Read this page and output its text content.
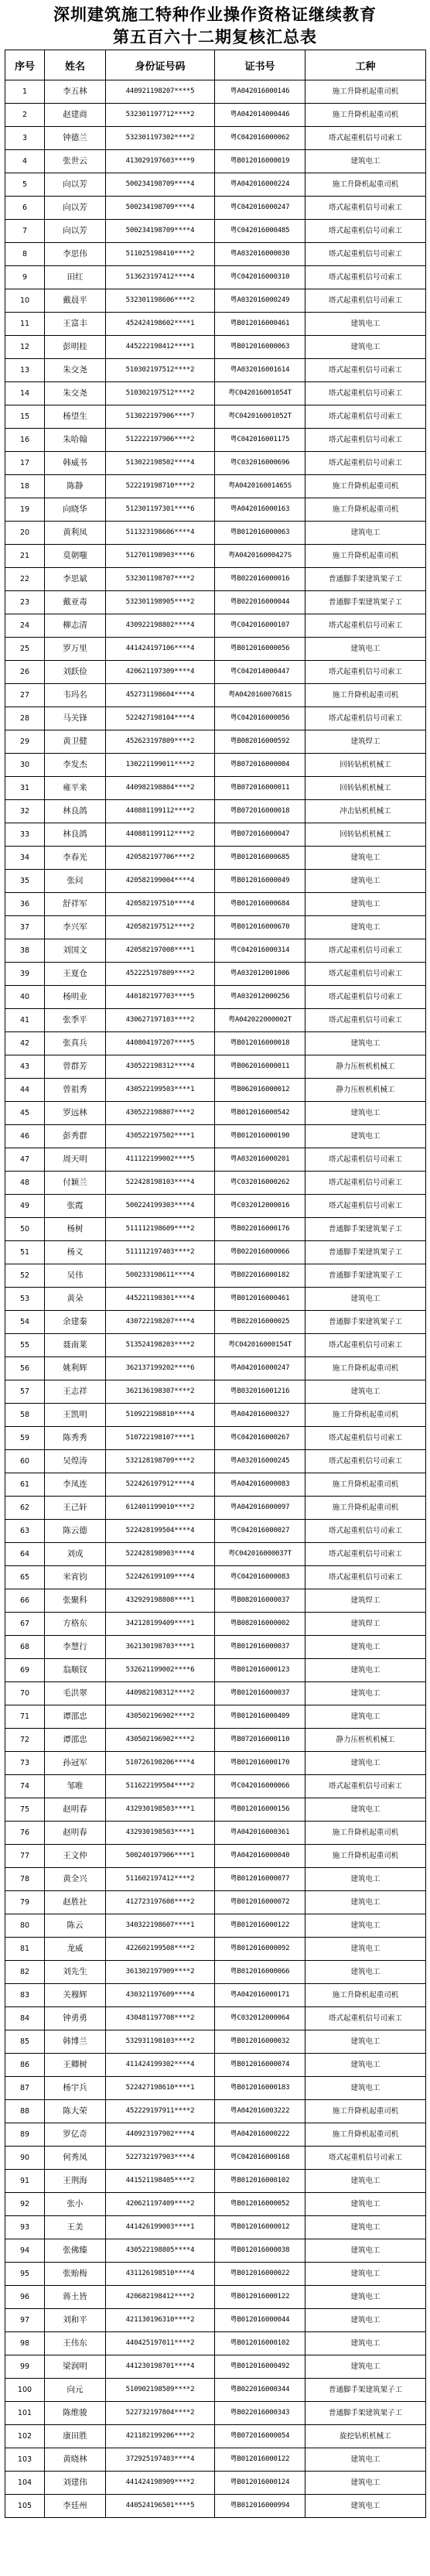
深圳建筑施工特种作业操作资格证继续教育
第五百六十二期复核汇总表
序号	姓名	身份证号码	证书号	工种
1	李五林	440921198207****5	粤A042016000146	施工升降机起重司机
2	赵建商	532301197712****2	粤A042014000446	施工升降机起重司机
3	钟德兰	532301197302****2	粤C042016000062	塔式起重机信号司索工
4	张世云	413029197603****9	粤B012016000019	建筑电工
5	向以芳	500234198709****4	粤A042016000224	施工升降机起重司机
6	向以芳	500234198709****4	粤C042016000247	塔式起重机信号司索工
7	向以芳	500234198709****4	粤C042016000485	塔式起重机信号司索工
8	李思伟	511025198410****2	粤A032016000030	塔式起重机信号司索工
9	田红	513623197412****4	粤C042016000310	塔式起重机信号司索工
10	戴晨平	532301198606****2	粤A032016000249	塔式起重机信号司索工
11	王富丰	452424198602****1	粤B012016000461	建筑电工
12	彭明桂	445222198412****1	粤B012016000063	建筑电工
13	朱交尧	510302197512****2	粤A032016001614	塔式起重机信号司索工
14	朱交尧	510302197512****2	粤C042016001054T	塔式起重机信号司索工
15	杨望生	513022197906****7	粤C042016001052T	塔式起重机信号司索工
16	朱哈翰	512222197906****2	粤C042016001175	塔式起重机信号司索工
17	韩威书	513022198502****4	粤C032016000696	塔式起重机信号司索工
18	陈静	522219198710****2	粤A042016001465S	施工升降机起重司机
19	向晓华	512301197301****6	粤A042016000163	施工升降机起重司机
20	黄利凤	511323198606****4	粤B012016000063	建筑电工
21	莫朝嗤	512701198903****6	粤A042016000427S	施工升降机起重司机
22	李思斌	532301198707****2	粤B022016000016	普通脚手架建筑架子工
23	戴亚毒	532301198905****2	粤B022016000044	普通脚手架建筑架子工
24	柳志清	430922198802****4	粤C042016000107	塔式起重机信号司索工
25	罗万里	441424197106****4	粤B012016000056	建筑电工
26	刘跃俭	420621197309****4	粤C042014000447	塔式起重机信号司索工
27	韦玛名	452731198604****4	粤A042016007681S	施工升降机起重司机
28	马关锋	522427198104****4	粤C042016000056	塔式起重机信号司索工
29	黄卫健	452623197809****2	粤B082016000592	建筑焊工
30	李发杰	130221199011****2	粤B072016000004	回转钻机机械工
31	雍平来	440982198804****2	粤B072016000011	回转钻机机械工
32	林良鸽	440881199112****2	粤B072016000018	冲击钻机机械工
33	林良鸽	440881199112****2	粤B072016000047	回转钻机机械工
34	李春光	420582197706****2	粤B012016000685	建筑电工
35	张问	420582199004****4	粤B012016000049	建筑电工
36	舒祥军	420582197510****4	粤B012016000684	建筑电工
37	李兴军	420582197512****2	粤B012016000670	建筑电工
38	刘国文	420582197008****1	粤C042016000314	塔式起重机信号司索工
39	王夏仓	452225197809****2	粤A032012001006	塔式起重机信号司索工
40	杨明业	440182197703****5	粤A032012000256	塔式起重机信号司索工
41	张季平	430627197103****2	粤A042022000002T	塔式起重机信号司索工
42	张真兵	440804197207****5	粤B012016000018	建筑电工
43	曾群芳	430522198312****4	粤B062016000011	静力压桩机机械工
44	曾祖秀	430522199503****1	粤B062016000012	静力压桩机机械工
45	罗远林	430522198807****2	粤B012016000542	建筑电工
46	彭秀群	430522197502****1	粤B012016000190	建筑电工
47	周天明	411122199002****5	粤A032016000201	塔式起重机信号司索工
48	付颖兰	522428198103****4	粤C032016000262	塔式起重机信号司索工
49	张霞	500224199303****4	粤C032012000016	塔式起重机信号司索工
50	杨树	511112198609****2	粤B022016000176	普通脚手架建筑架子工
51	杨义	511112197403****2	粤B022016000066	普通脚手架建筑架子工
52	吴伟	500233198611****4	粤B022016000182	普通脚手架建筑架子工
53	黄朵	445221198301****4	粤B012016000461	建筑电工
54	余建秦	430722198207****4	粤B022016000025	普通脚手架建筑架子工
55	聂南莱	513524198203****2	粤C042016000154T	塔式起重机信号司索工
56	姚利辉	362137199202****6	粤A042016000247	施工升降机起重司机
57	王志祥	362136198307****2	粤B032016001216	建筑电工
58	王凯明	510922198810****4	粤A042016000327	施工升降机起重司机
59	陈秀秀	510722198107****1	粤C042016000267	塔式起重机信号司索工
60	吴煌涛	532128198709****2	粤A032016000245	塔式起重机信号司索工
61	李凤连	522426197912****4	粤A042016000083	施工升降机起重司机
62	王己轩	612401199010****2	粤A042016000097	施工升降机起重司机
63	陈云德	522428199504****4	粤C042016000027	塔式起重机信号司索工
64	刘成	522428198903****4	粤C042016000037T	塔式起重机信号司索工
65	米宵钧	522426199109****4	粤C042016000083	塔式起重机信号司索工
66	张聚科	432929198808****1	粤B082016000037	建筑焊工
67	方格东	342128199409****1	粤B082016000002	建筑焊工
68	李慧行	362130198703****1	粤B012016000037	建筑电工
69	翁顺钗	532621199002****6	粤B012016000123	建筑电工
70	毛洪翠	440982198312****2	粤B012016000037	建筑电工
71	谭邵忠	430502196902****2	粤B012016000409	建筑电工
72	谭邵忠	430502196902****2	粤B072016000110	静力压桩机机械工
73	孙冠军	510726198206****4	粤B012016000170	建筑电工
74	邹唯	511622199504****2	粤C042016000066	塔式起重机信号司索工
75	赵明春	432930198503****1	粤B012016000156	建筑电工
76	赵明春	432930198503****1	粤A042016000361	施工升降机起重司机
77	王文仲	500240197906****1	粤A042016000040	施工升降机起重司机
78	黄全兴	511602197412****2	粤B012016000077	建筑电工
79	赵胜社	412723197608****2	粤B012016000072	建筑电工
80	陈云	340322198607****1	粤B012016000122	建筑电工
81	龙威	422602199508****2	粤B012016000092	建筑电工
82	刘先生	361302197909****2	粤B012016000066	建筑电工
83	关穆辉	430321197609****4	粤A042016000171	施工升降机起重司机
84	钟勇勇	430481197708****2	粤C032012000064	塔式起重机信号司索工
85	韩博兰	532931198103****2	粤B012016000032	建筑电工
86	王卿树	411424199302****4	粤B012016000074	建筑电工
87	杨宇兵	522427198610****1	粤B012016000183	建筑电工
88	陈大荣	452229197911****2	粤A042016003222	施工升降机起重司机
89	罗亿奇	440923197902****4	粤A042016000222	施工升降机起重司机
90	何秀凤	522732197903****4	粤C042016000168	塔式起重机信号司索工
91	王荆海	441521198405****2	粤B012016000102	建筑电工
92	张小	420621197409****2	粤B012016000052	建筑电工
93	王美	441426199003****1	粤B012016000012	建筑电工
94	张佛臻	430522198805****4	粤B012016000038	建筑电工
95	张贻梅	431126198510****4	粤B012016000022	建筑电工
96	蒋土皆	420682198412****2	粤B012016000122	建筑电工
97	刘和平	421130196310****2	粤B012016000044	建筑电工
98	王伟东	440425197011****2	粤B012016000102	建筑电工
99	梁润明	441230198701****4	粤B012016000492	建筑电工
100	向元	510902198509****2	粤B022016000344	普通脚手架建筑架子工
101	陈维骏	522732197804****2	粤B022016000343	普通脚手架建筑架子工
102	康田胜	421182199206****2	粤B072016000054	旋挖钻机机械工
103	黄晓林	372925197403****4	粤B012016000122	建筑电工
104	刘建伟	441424198909****2	粤B012016000124	建筑电工
105	李廷州	440524196501****5	粤B012016000994	建筑电工
